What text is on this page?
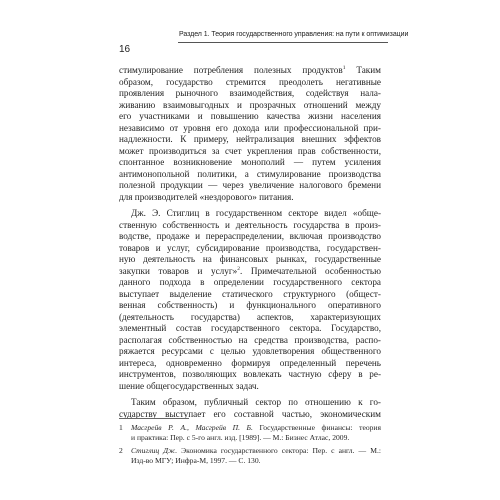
16
Раздел 1. Теория государственного управления: на пути к оптимизации
стимулирование потребления полезных продуктов$^1$ Таким
образом, государство стремится преодолеть негативные
проявления рыночного взаимодействия, содействуя нала-
живанию взаимовыгодных и прозрачных отношений между
его участниками и повышению качества жизни населения
независимо от уровня его дохода или профессиональной при-
надлежности. К примеру, нейтрализация внешних эффектов
может производиться за счет укрепления прав собственности,
спонтанное возникновение монополий — путем усиления
антимонопольной политики, а стимулирование производства
полезной продукции — через увеличение налогового бремени
для производителей «нездорового» питания.
Дж. Э. Стиглиц в государственном секторе видел «обще-
ственную собственность и деятельность государства в произ-
водстве, продаже и перераспределении, включая производство
товаров и услуг, субсидирование производства, государствен-
ную деятельность на финансовых рынках, государственные
закупки товаров и услуг»$^2$. Примечательной особенностью
данного подхода в определении государственного сектора
выступает выделение статического структурного (общест-
венная собственность) и функционального оперативного
(деятельность государства) аспектов, характеризующих
элементный состав государственного сектора. Государство,
располагая собственностью на средства производства, распо-
ряжается ресурсами с целью удовлетворения общественного
интереса, одновременно формируя определенный перечень
инструментов, позволяющих вовлекать частную сферу в ре-
шение общегосударственных задач.
Таким образом, публичный сектор по отношению к го-
сударству выступает его составной частью, экономическим
1 Масгрейв Р. А., Масгрейв П. Б. Государственные финансы: теория
и практика: Пер. с 5-го англ. изд. [1989]. — М.: Бизнес Атлас, 2009.
2 Стиглиц Дж. Экономика государственного сектора: Пер. с англ. — М.:
Изд-во МГУ; Инфра-М, 1997. — С. 130.
